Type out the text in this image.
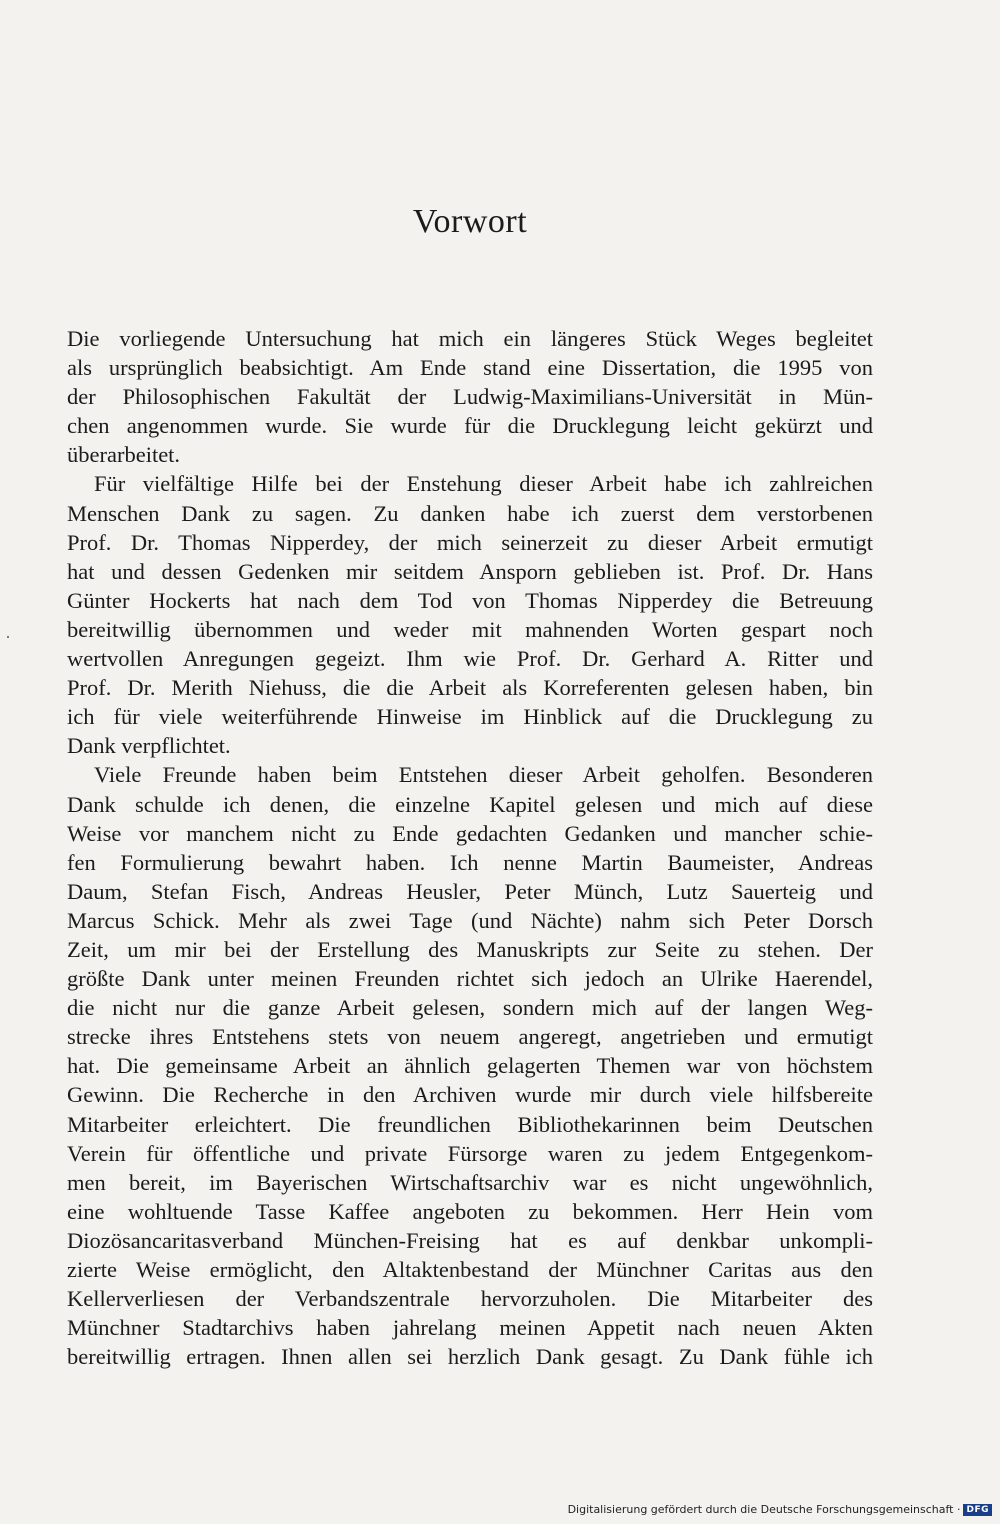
Vorwort
Die vorliegende Untersuchung hat mich ein längeres Stück Weges begleitet
als ursprünglich beabsichtigt. Am Ende stand eine Dissertation, die 1995 von
der Philosophischen Fakultät der Ludwig-Maximilians-Universität in Mün-
chen angenommen wurde. Sie wurde für die Drucklegung leicht gekürzt und
überarbeitet.
Für vielfältige Hilfe bei der Enstehung dieser Arbeit habe ich zahlreichen
Menschen Dank zu sagen. Zu danken habe ich zuerst dem verstorbenen
Prof. Dr. Thomas Nipperdey, der mich seinerzeit zu dieser Arbeit ermutigt
hat und dessen Gedenken mir seitdem Ansporn geblieben ist. Prof. Dr. Hans
Günter Hockerts hat nach dem Tod von Thomas Nipperdey die Betreuung
bereitwillig übernommen und weder mit mahnenden Worten gespart noch
wertvollen Anregungen gegeizt. Ihm wie Prof. Dr. Gerhard A. Ritter und
Prof. Dr. Merith Niehuss, die die Arbeit als Korreferenten gelesen haben, bin
ich für viele weiterführende Hinweise im Hinblick auf die Drucklegung zu
Dank verpflichtet.
Viele Freunde haben beim Entstehen dieser Arbeit geholfen. Besonderen
Dank schulde ich denen, die einzelne Kapitel gelesen und mich auf diese
Weise vor manchem nicht zu Ende gedachten Gedanken und mancher schie-
fen Formulierung bewahrt haben. Ich nenne Martin Baumeister, Andreas
Daum, Stefan Fisch, Andreas Heusler, Peter Münch, Lutz Sauerteig und
Marcus Schick. Mehr als zwei Tage (und Nächte) nahm sich Peter Dorsch
Zeit, um mir bei der Erstellung des Manuskripts zur Seite zu stehen. Der
größte Dank unter meinen Freunden richtet sich jedoch an Ulrike Haerendel,
die nicht nur die ganze Arbeit gelesen, sondern mich auf der langen Weg-
strecke ihres Entstehens stets von neuem angeregt, angetrieben und ermutigt
hat. Die gemeinsame Arbeit an ähnlich gelagerten Themen war von höchstem
Gewinn. Die Recherche in den Archiven wurde mir durch viele hilfsbereite
Mitarbeiter erleichtert. Die freundlichen Bibliothekarinnen beim Deutschen
Verein für öffentliche und private Fürsorge waren zu jedem Entgegenkom-
men bereit, im Bayerischen Wirtschaftsarchiv war es nicht ungewöhnlich,
eine wohltuende Tasse Kaffee angeboten zu bekommen. Herr Hein vom
Diozösancaritasverband München-Freising hat es auf denkbar unkompli-
zierte Weise ermöglicht, den Altaktenbestand der Münchner Caritas aus den
Kellerverliesen der Verbandszentrale hervorzuholen. Die Mitarbeiter des
Münchner Stadtarchivs haben jahrelang meinen Appetit nach neuen Akten
bereitwillig ertragen. Ihnen allen sei herzlich Dank gesagt. Zu Dank fühle ich
Digitalisierung gefördert durch die Deutsche Forschungsgemeinschaft · DFG
